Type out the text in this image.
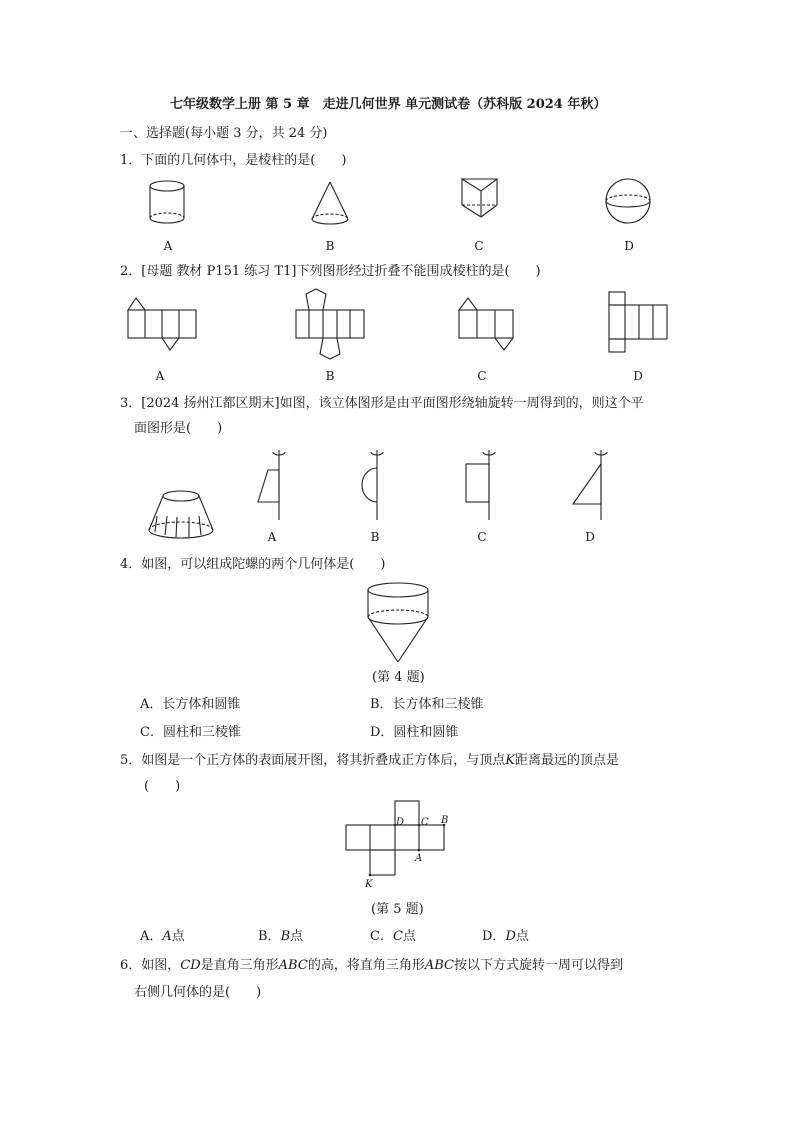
七年级数学上册 第 5 章　走进几何世界 单元测试卷（苏科版 2024 年秋）
一、选择题(每小题 3 分，共 24 分)
1．下面的几何体中，是棱柱的是(　　)
A	B	C	D
2．[母题 教材 P151 练习 T1]下列图形经过折叠不能围成棱柱的是(　　)
A	B	C	D
3．[2024 扬州江都区期末]如图，该立体图形是由平面图形绕轴旋转一周得到的，则这个平
面图形是(　　)
A	B	C	D
4．如图，可以组成陀螺的两个几何体是(　　)
(第 4 题)
A．长方体和圆锥	B．长方体和三棱锥
C．圆柱和三棱锥	D．圆柱和圆锥
5．如图是一个正方体的表面展开图，将其折叠成正方体后，与顶点K距离最远的顶点是
(　　)
D C B
A
K
(第 5 题)
A．A点	B．B点	C．C点	D．D点
6．如图，CD是直角三角形ABC的高，将直角三角形ABC按以下方式旋转一周可以得到
右侧几何体的是(　　)
